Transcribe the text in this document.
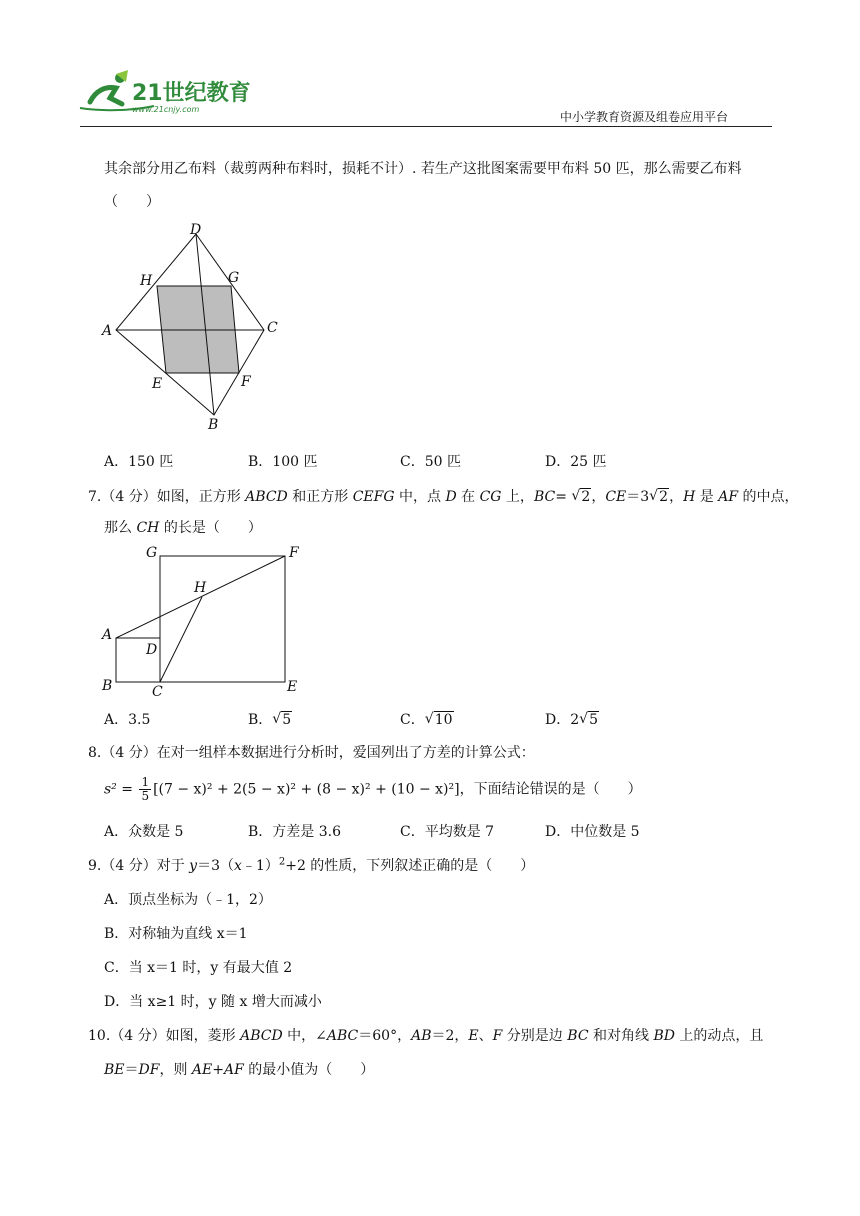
21世纪教育
www.21cnjy.com
中小学教育资源及组卷应用平台
其余部分用乙布料（裁剪两种布料时，损耗不计）. 若生产这批图案需要甲布料 50 匹，那么需要乙布料
（　　）
D
H	G
A	C
E	F
B
A．150 匹	B．100 匹	C．50 匹	D．25 匹
7.（4 分）如图，正方形 ABCD 和正方形 CEFG 中，点 D 在 CG 上，BC= √ 2，CE＝3 √ 2，H 是 AF 的中点，
那么 CH 的长是（　　）
G	F
H
A
D
B	C	E
A．3.5	B． √ 5	C． √ 10	D．2 √ 5
8.（4 分）在对一组样本数据进行分析时，爱国列出了方差的计算公式：
$s^2 = \frac{1}{5} [(7 - x)^2 + 2(5 - x)^2 + (8 - x)^2 + (10 - x)^2]$，下面结论错误的是（　　）
A．众数是 5	B．方差是 3.6	C．平均数是 7	D．中位数是 5
9.（4 分）对于 y＝3（x﹣1）$^2$+2 的性质，下列叙述正确的是（　　）
A．顶点坐标为（﹣1，2）
B．对称轴为直线 x＝1
C．当 x＝1 时，y 有最大值 2
D．当 x≥1 时，y 随 x 增大而减小
10.（4 分）如图，菱形 ABCD 中，∠ABC＝60°，AB＝2，E、F 分别是边 BC 和对角线 BD 上的动点，且
BE＝DF，则 AE+AF 的最小值为（　　）
